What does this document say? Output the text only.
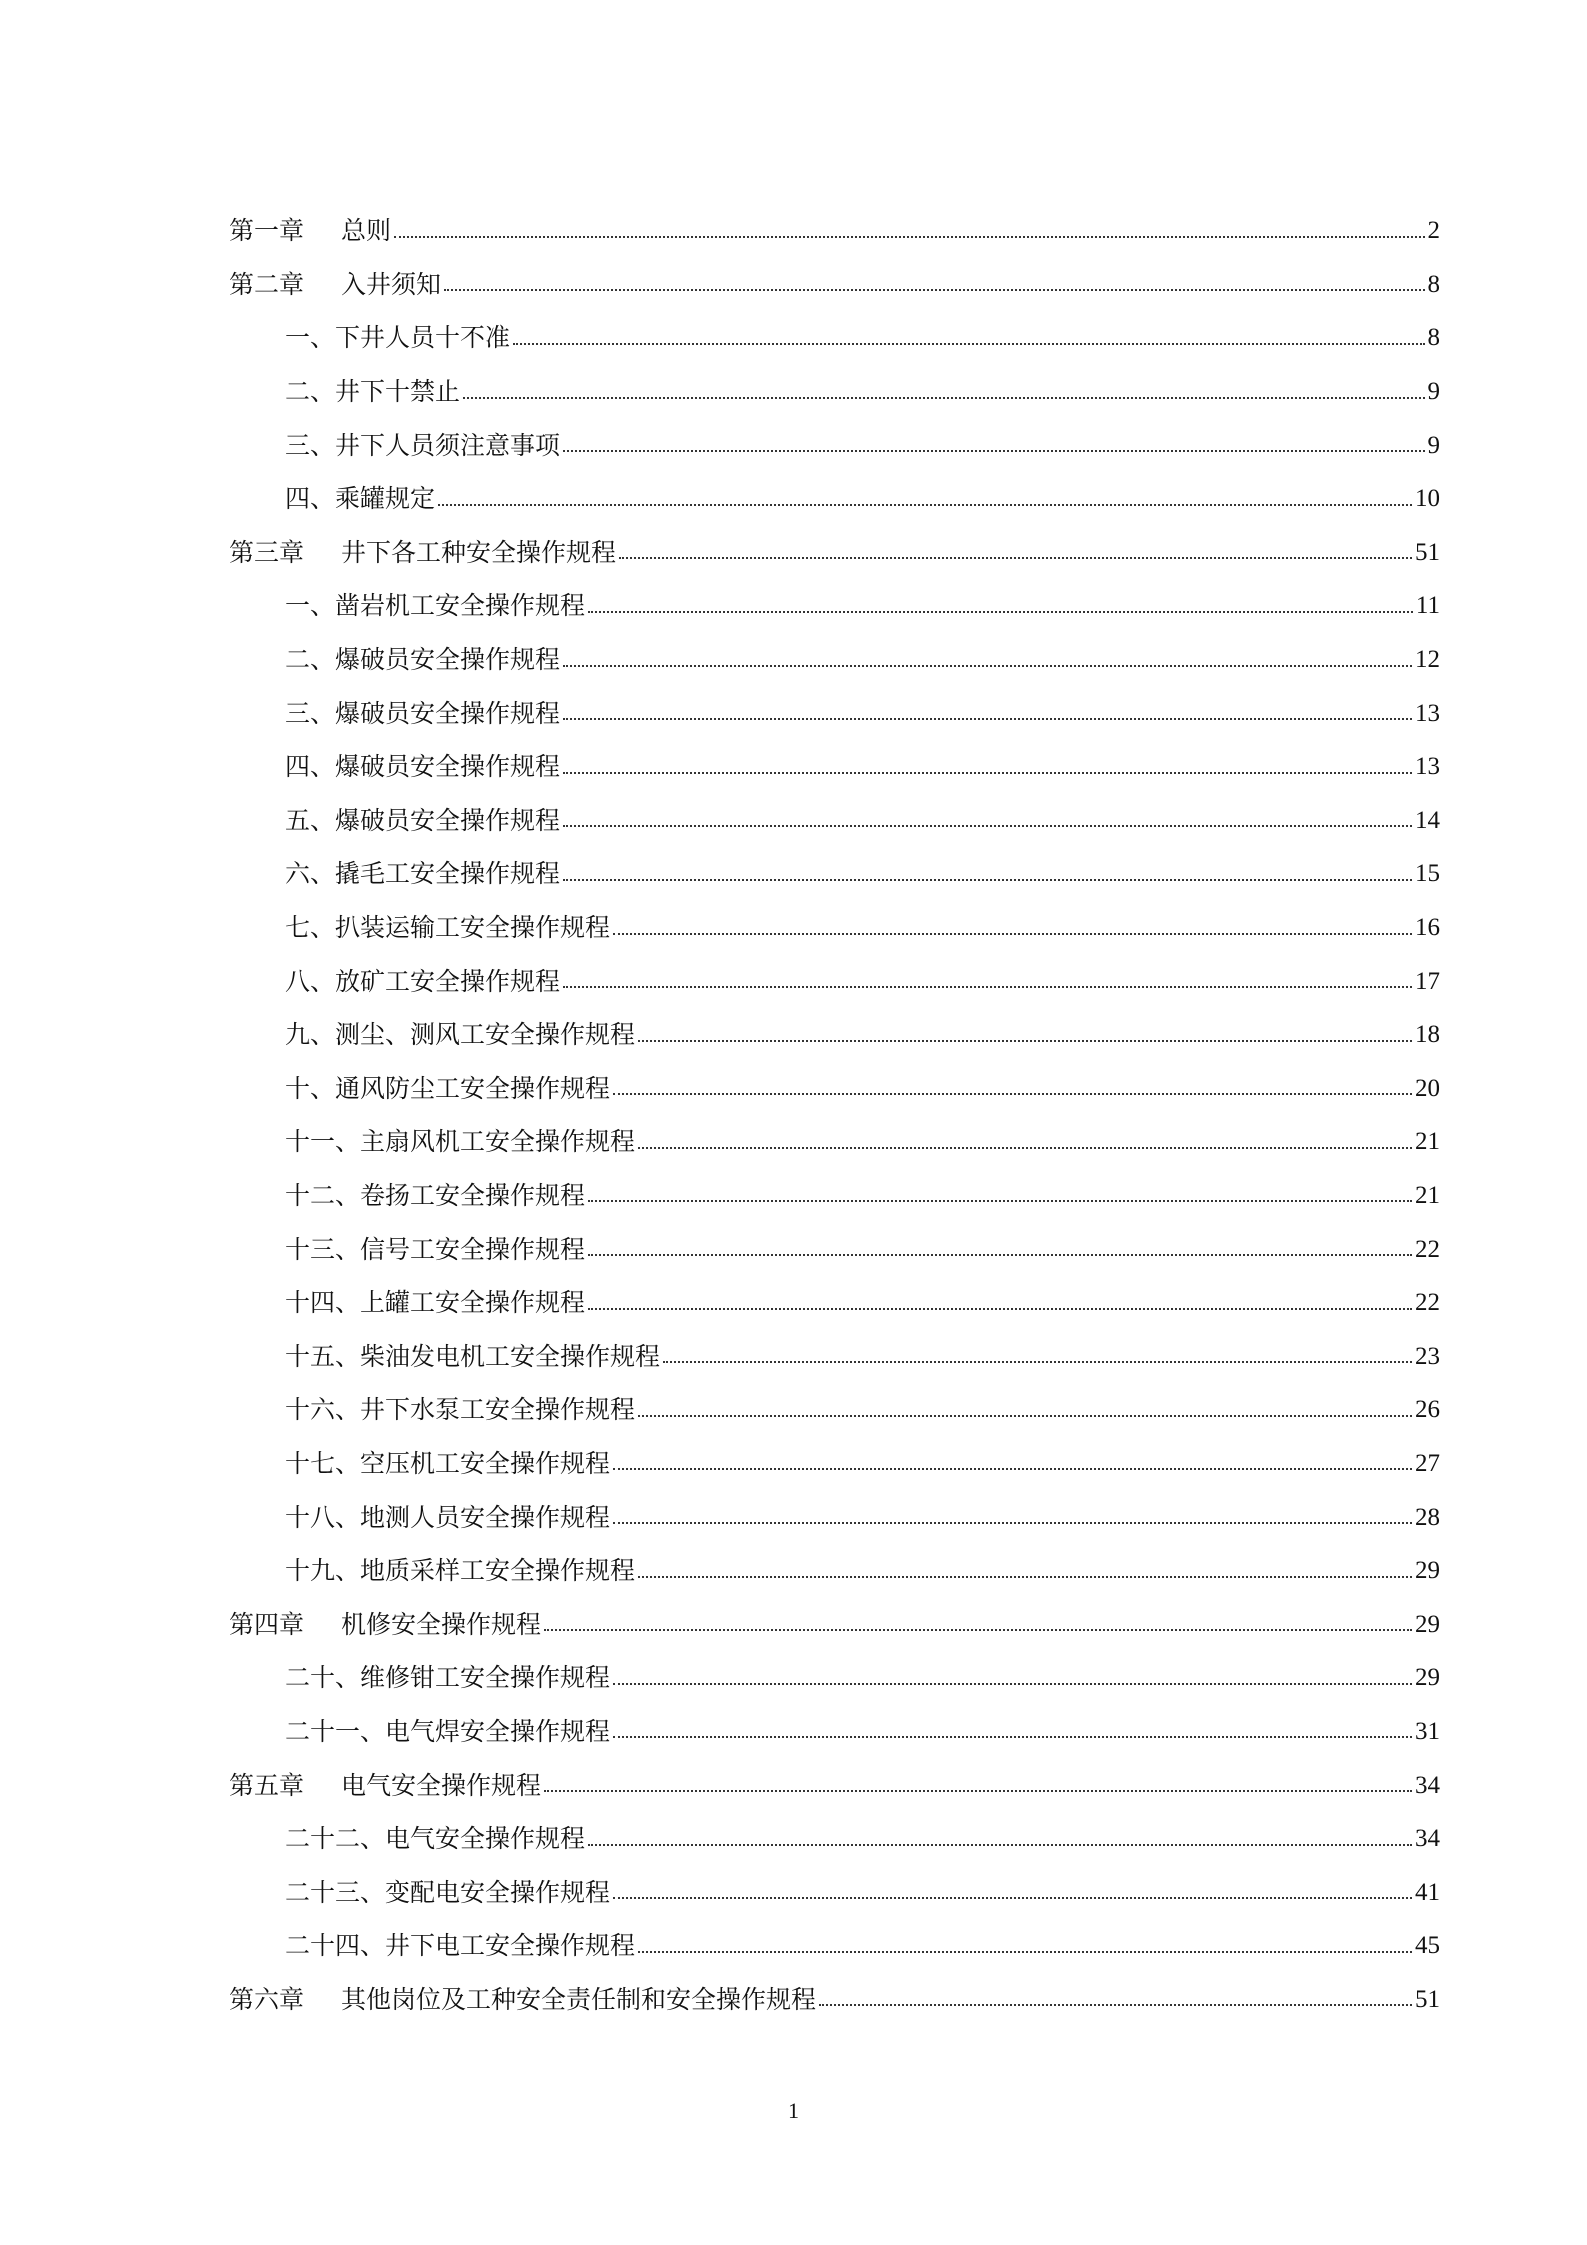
第一章	总则	2
第二章	入井须知	8
一、下井人员十不准	8
二、井下十禁止	9
三、井下人员须注意事项	9
四、乘罐规定	10
第三章	井下各工种安全操作规程	51
一、凿岩机工安全操作规程	11
二、爆破员安全操作规程	12
三、爆破员安全操作规程	13
四、爆破员安全操作规程	13
五、爆破员安全操作规程	14
六、撬毛工安全操作规程	15
七、扒装运输工安全操作规程	16
八、放矿工安全操作规程	17
九、测尘、测风工安全操作规程	18
十、通风防尘工安全操作规程	20
十一、主扇风机工安全操作规程	21
十二、卷扬工安全操作规程	21
十三、信号工安全操作规程	22
十四、上罐工安全操作规程	22
十五、柴油发电机工安全操作规程	23
十六、井下水泵工安全操作规程	26
十七、空压机工安全操作规程	27
十八、地测人员安全操作规程	28
十九、地质采样工安全操作规程	29
第四章	机修安全操作规程	29
二十、维修钳工安全操作规程	29
二十一、电气焊安全操作规程	31
第五章	电气安全操作规程	34
二十二、电气安全操作规程	34
二十三、变配电安全操作规程	41
二十四、井下电工安全操作规程	45
第六章	其他岗位及工种安全责任制和安全操作规程	51
1
